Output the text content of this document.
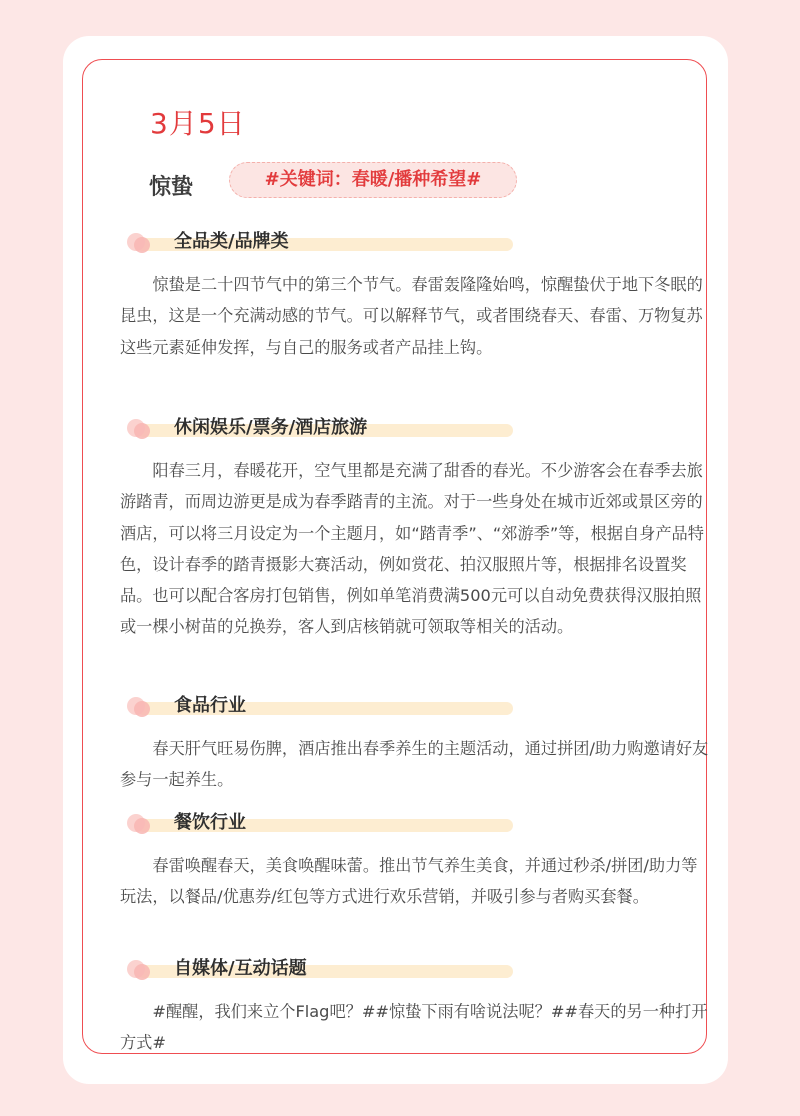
3月5日
惊蛰	#关键词：春暖/播种希望#
全品类/品牌类

惊蛰是二十四节气中的第三个节气。春雷轰隆隆始鸣，惊醒蛰伏于地下冬眠的昆虫，这是一个充满动感的节气。可以解释节气，或者围绕春天、春雷、万物复苏这些元素延伸发挥，与自己的服务或者产品挂上钩。

休闲娱乐/票务/酒店旅游

阳春三月，春暖花开，空气里都是充满了甜香的春光。不少游客会在春季去旅游踏青，而周边游更是成为春季踏青的主流。对于一些身处在城市近郊或景区旁的酒店，可以将三月设定为一个主题月，如“踏青季”、“郊游季”等，根据自身产品特色，设计春季的踏青摄影大赛活动，例如赏花、拍汉服照片等，根据排名设置奖品。也可以配合客房打包销售，例如单笔消费满500元可以自动免费获得汉服拍照或一棵小树苗的兑换券，客人到店核销就可领取等相关的活动。

食品行业

春天肝气旺易伤脾，酒店推出春季养生的主题活动，通过拼团/助力购邀请好友参与一起养生。

餐饮行业

春雷唤醒春天，美食唤醒味蕾。推出节气养生美食，并通过秒杀/拼团/助力等玩法，以餐品/优惠券/红包等方式进行欢乐营销，并吸引参与者购买套餐。

自媒体/互动话题

#醒醒，我们来立个Flag吧？##惊蛰下雨有啥说法呢？##春天的另一种打开方式#
